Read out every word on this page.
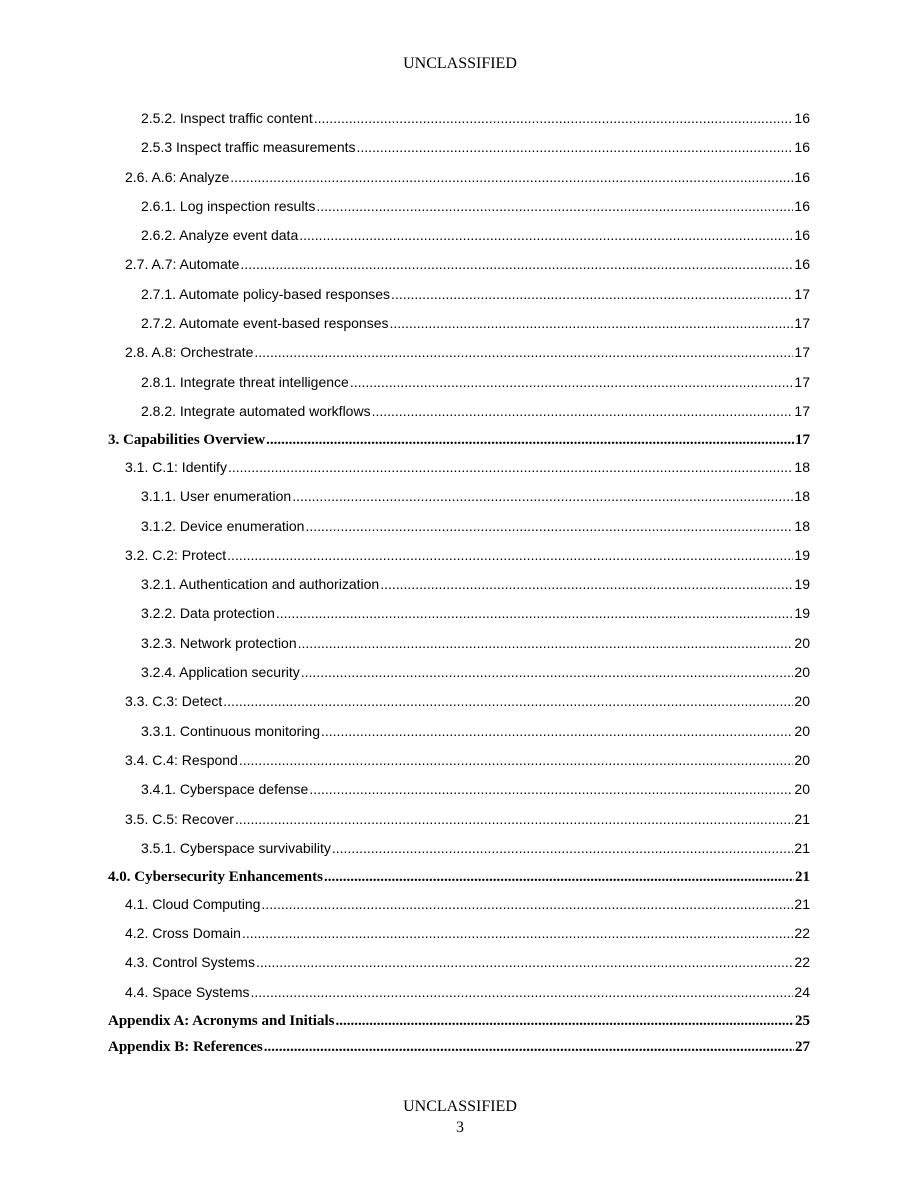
UNCLASSIFIED
2.5.2. Inspect traffic content .....	16
2.5.3 Inspect traffic measurements .....	16
2.6. A.6: Analyze .....	16
2.6.1. Log inspection results .....	16
2.6.2. Analyze event data .....	16
2.7. A.7: Automate .....	16
2.7.1. Automate policy-based responses .....	17
2.7.2. Automate event-based responses .....	17
2.8. A.8: Orchestrate .....	17
2.8.1. Integrate threat intelligence .....	17
2.8.2. Integrate automated workflows .....	17
3. Capabilities Overview .....	17
3.1. C.1: Identify .....	18
3.1.1. User enumeration .....	18
3.1.2. Device enumeration .....	18
3.2. C.2: Protect .....	19
3.2.1. Authentication and authorization .....	19
3.2.2. Data protection .....	19
3.2.3. Network protection .....	20
3.2.4. Application security .....	20
3.3. C.3: Detect .....	20
3.3.1. Continuous monitoring .....	20
3.4. C.4: Respond .....	20
3.4.1. Cyberspace defense .....	20
3.5. C.5: Recover .....	21
3.5.1. Cyberspace survivability .....	21
4.0. Cybersecurity Enhancements .....	21
4.1. Cloud Computing .....	21
4.2. Cross Domain .....	22
4.3. Control Systems .....	22
4.4. Space Systems .....	24
Appendix A: Acronyms and Initials .....	25
Appendix B: References .....	27
UNCLASSIFIED
3
